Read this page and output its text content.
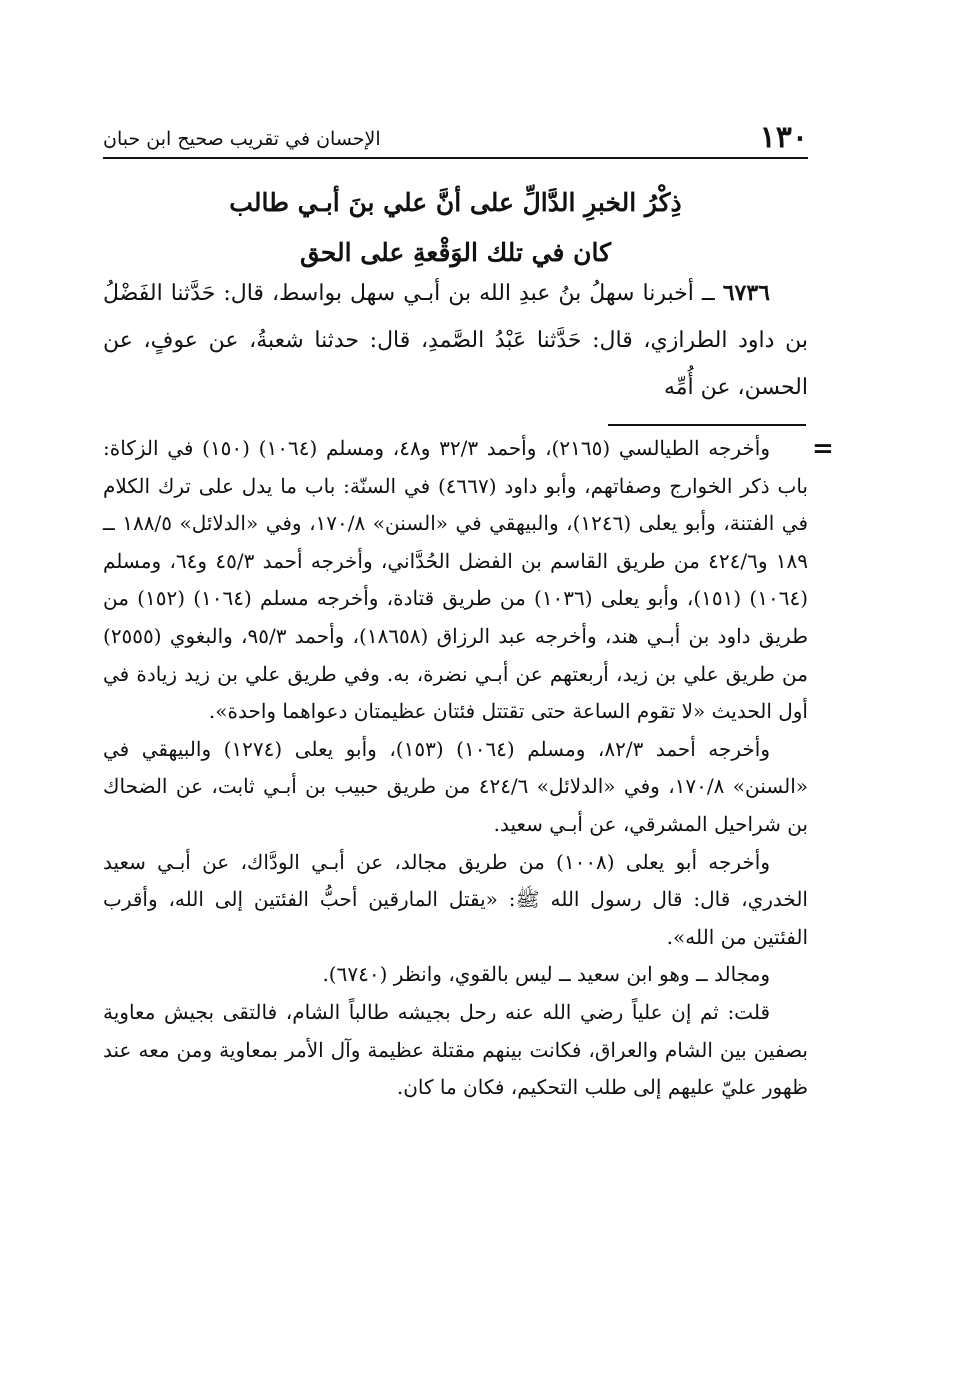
١٣٠
الإحسان في تقريب صحيح ابن حبان
ذِكْرُ الخبرِ الدَّالِّ على أنَّ علي بنَ أبـي طالب
كان في تلك الوَقْعةِ على الحق

٦٧٣٦ ــ أخبرنا سهلُ بنُ عبدِ الله بن أبـي سهل بواسط، قال: حَدَّثنا الفَضْلُ بن داود الطرازي، قال: حَدَّثنا عَبْدُ الصَّمدِ، قال: حدثنا شعبةُ، عن عوفٍ، عن الحسن، عن أُمِّه

=

وأخرجه الطيالسي (٢١٦٥)، وأحمد ٣٢/٣ و٤٨، ومسلم (١٠٦٤) (١٥٠) في الزكاة: باب ذكر الخوارج وصفاتهم، وأبو داود (٤٦٦٧) في السنّة: باب ما يدل على ترك الكلام في الفتنة، وأبو يعلى (١٢٤٦)، والبيهقي في «السنن» ١٧٠/٨، وفي «الدلائل» ١٨٨/٥ ــ ١٨٩ و٤٢٤/٦ من طريق القاسم بن الفضل الحُدَّاني، وأخرجه أحمد ٤٥/٣ و٦٤، ومسلم (١٠٦٤) (١٥١)، وأبو يعلى (١٠٣٦) من طريق قتادة، وأخرجه مسلم (١٠٦٤) (١٥٢) من طريق داود بن أبـي هند، وأخرجه عبد الرزاق (١٨٦٥٨)، وأحمد ٩٥/٣، والبغوي (٢٥٥٥) من طريق علي بن زيد، أربعتهم عن أبـي نضرة، به. وفي طريق علي بن زيد زيادة في أول الحديث «لا تقوم الساعة حتى تقتتل فئتان عظيمتان دعواهما واحدة».

وأخرجه أحمد ٨٢/٣، ومسلم (١٠٦٤) (١٥٣)، وأبو يعلى (١٢٧٤) والبيهقي في «السنن» ١٧٠/٨، وفي «الدلائل» ٤٢٤/٦ من طريق حبيب بن أبـي ثابت، عن الضحاك بن شراحيل المشرقي، عن أبـي سعيد.

وأخرجه أبو يعلى (١٠٠٨) من طريق مجالد، عن أبـي الودَّاك، عن أبـي سعيد الخدري، قال: قال رسول الله ﷺ: «يقتل المارقين أحبُّ الفئتين إلى الله، وأقرب الفئتين من الله».

ومجالد ــ وهو ابن سعيد ــ ليس بالقوي، وانظر (٦٧٤٠).

قلت: ثم إن علياً رضي الله عنه رحل بجيشه طالباً الشام، فالتقى بجيش معاوية بصفين بين الشام والعراق، فكانت بينهم مقتلة عظيمة وآل الأمر بمعاوية ومن معه عند ظهور عليّ عليهم إلى طلب التحكيم، فكان ما كان.
